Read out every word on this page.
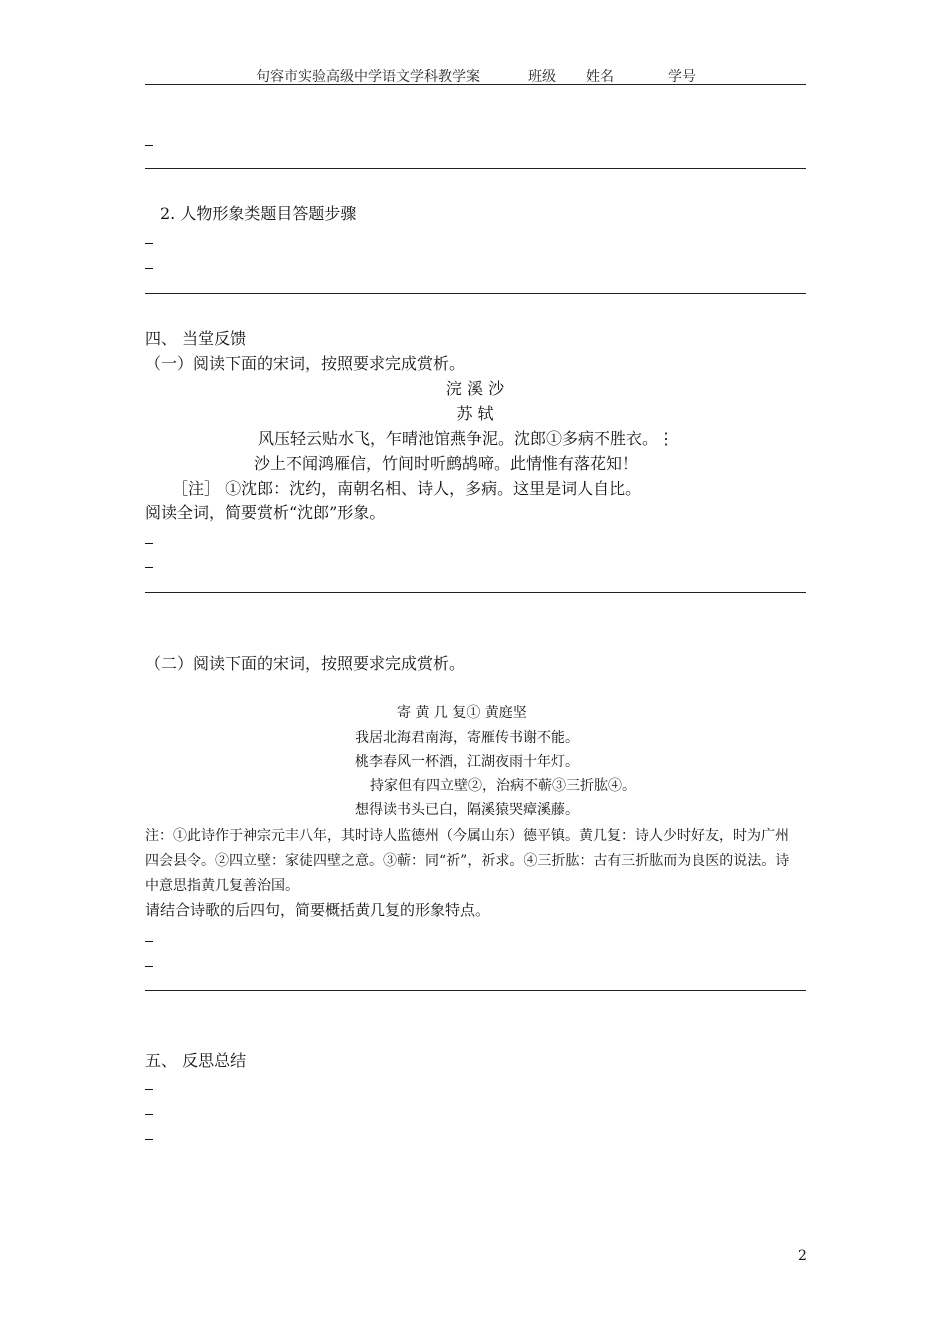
句容市实验高级中学语文学科教学案	班级 姓名	学号
2. 人物形象类题目答题步骤
四、 当堂反馈
（一）阅读下面的宋词，按照要求完成赏析。
浣 溪 沙
苏 轼
风压轻云贴水飞，乍晴池馆燕争泥。沈郎①多病不胜衣。⋮
沙上不闻鸿雁信，竹间时听鹧鸪啼。此情惟有落花知！
［注］ ①沈郎：沈约，南朝名相、诗人，多病。这里是词人自比。
阅读全词，简要赏析“沈郎”形象。
（二）阅读下面的宋词，按照要求完成赏析。
寄 黄 几 复① 黄庭坚
我居北海君南海，寄雁传书谢不能。
桃李春风一杯酒，江湖夜雨十年灯。
持家但有四立壁②，治病不蕲③三折肱④。
想得读书头已白，隔溪猿哭瘴溪藤。
注：①此诗作于神宗元丰八年，其时诗人监德州（今属山东）德平镇。黄几复：诗人少时好友，时为广州
四会县令。②四立壁：家徒四壁之意。③蕲：同“祈”，祈求。④三折肱：古有三折肱而为良医的说法。诗
中意思指黄几复善治国。
请结合诗歌的后四句，简要概括黄几复的形象特点。
五、 反思总结
2
